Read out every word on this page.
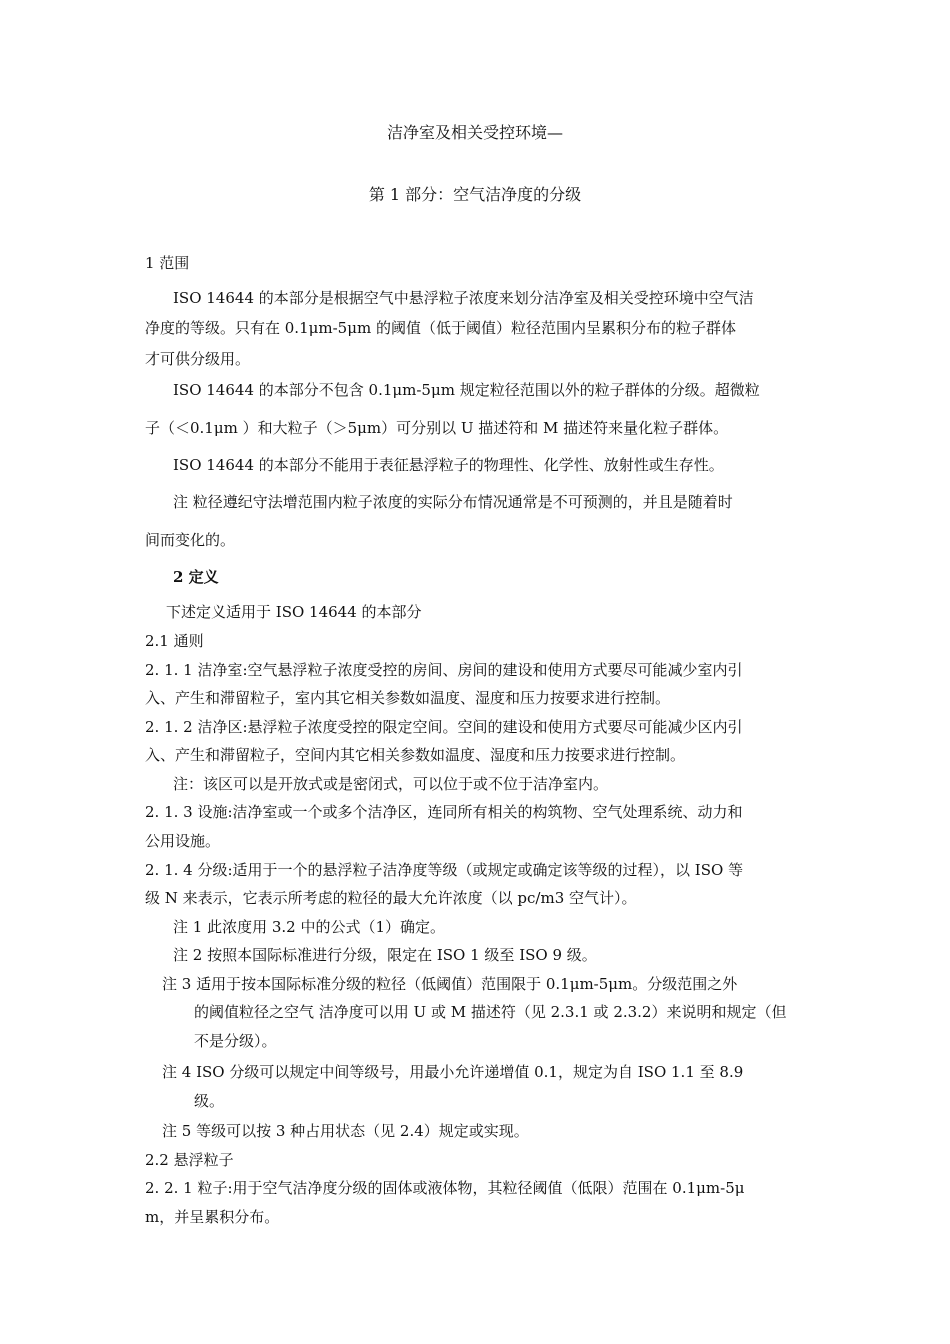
洁净室及相关受控环境—
第 1 部分：空气洁净度的分级
1 范围
ISO 14644 的本部分是根据空气中悬浮粒子浓度来划分洁净室及相关受控环境中空气洁
净度的等级。只有在 0.1μm-5μm 的阈值（低于阈值）粒径范围内呈累积分布的粒子群体
才可供分级用。
ISO 14644 的本部分不包含 0.1μm-5μm 规定粒径范围以外的粒子群体的分级。超微粒
子（＜0.1μm ）和大粒子（＞5μm）可分别以 U 描述符和 M 描述符来量化粒子群体。
ISO 14644 的本部分不能用于表征悬浮粒子的物理性、化学性、放射性或生存性。
注 粒径遵纪守法增范围内粒子浓度的实际分布情况通常是不可预测的，并且是随着时
间而变化的。
2 定义
下述定义适用于 ISO 14644 的本部分
2.1 通则
2. 1. 1 洁净室:空气悬浮粒子浓度受控的房间、房间的建设和使用方式要尽可能减少室内引
入、产生和滞留粒子，室内其它相关参数如温度、湿度和压力按要求进行控制。
2. 1. 2 洁净区:悬浮粒子浓度受控的限定空间。空间的建设和使用方式要尽可能减少区内引
入、产生和滞留粒子，空间内其它相关参数如温度、湿度和压力按要求进行控制。
注：该区可以是开放式或是密闭式，可以位于或不位于洁净室内。
2. 1. 3 设施:洁净室或一个或多个洁净区，连同所有相关的构筑物、空气处理系统、动力和
公用设施。
2. 1. 4 分级:适用于一个的悬浮粒子洁净度等级（或规定或确定该等级的过程），以 ISO 等
级 N 来表示，它表示所考虑的粒径的最大允许浓度（以 pc/m3 空气计）。
注 1 此浓度用 3.2 中的公式（1）确定。
注 2 按照本国际标准进行分级，限定在 ISO 1 级至 ISO 9 级。
注 3 适用于按本国际标准分级的粒径（低阈值）范围限于 0.1μm-5μm。分级范围之外
的阈值粒径之空气 洁净度可以用 U 或 M 描述符（见 2.3.1 或 2.3.2）来说明和规定（但
不是分级）。
注 4 ISO 分级可以规定中间等级号，用最小允许递增值 0.1，规定为自 ISO 1.1 至 8.9
级。
注 5 等级可以按 3 种占用状态（见 2.4）规定或实现。
2.2 悬浮粒子
2. 2. 1 粒子:用于空气洁净度分级的固体或液体物，其粒径阈值（低限）范围在 0.1μm-5μ
m，并呈累积分布。
